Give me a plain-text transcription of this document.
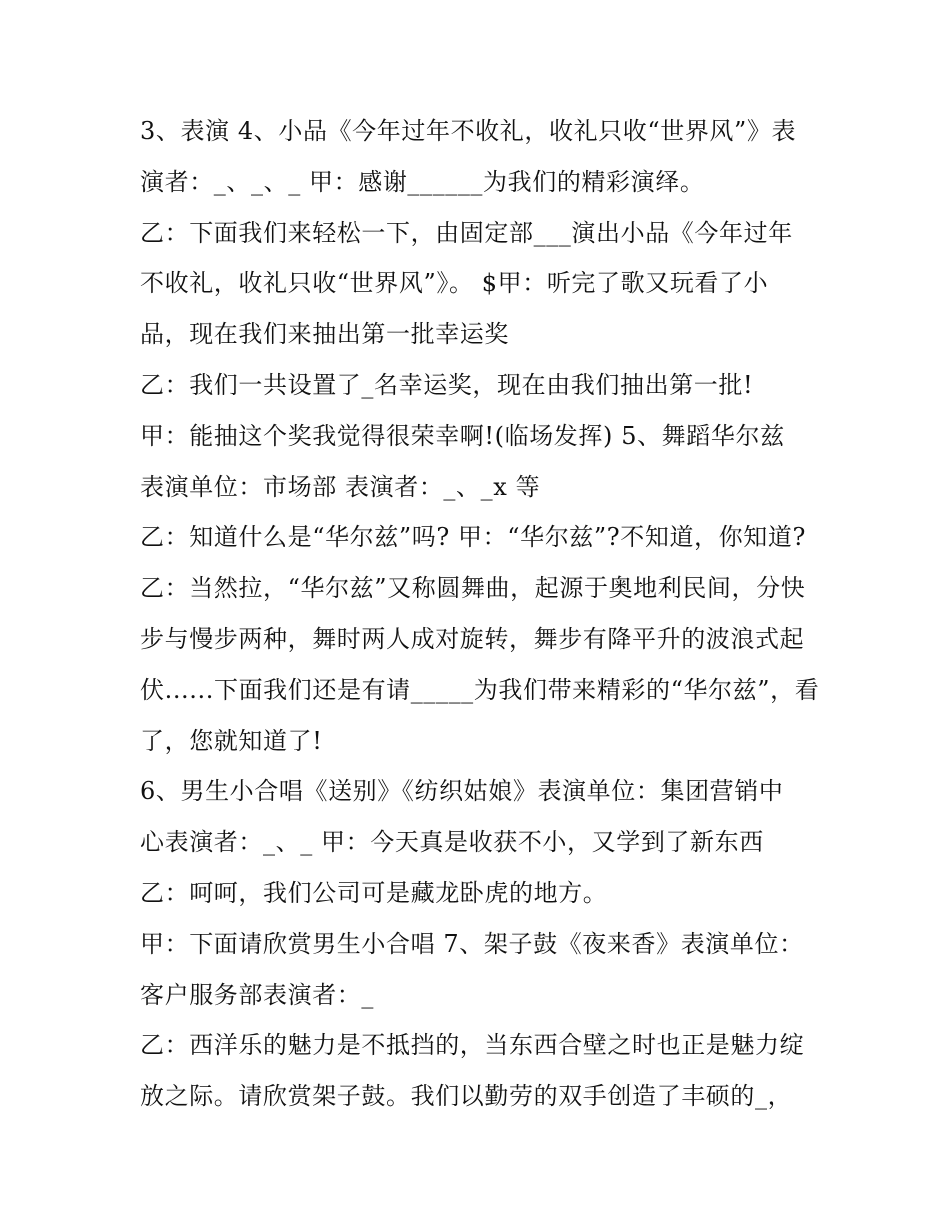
3、表演 4、小品《今年过年不收礼，收礼只收“世界风”》表
演者：_、_、_ 甲：感谢______为我们的精彩演绎。
乙：下面我们来轻松一下，由固定部___演出小品《今年过年
不收礼，收礼只收“世界风”》。 $甲：听完了歌又玩看了小
品，现在我们来抽出第一批幸运奖
乙：我们一共设置了_名幸运奖，现在由我们抽出第一批!
甲：能抽这个奖我觉得很荣幸啊!(临场发挥) 5、舞蹈华尔兹
表演单位：市场部 表演者：_、_x 等
乙：知道什么是“华尔兹”吗? 甲：“华尔兹”?不知道，你知道?
乙：当然拉，“华尔兹”又称圆舞曲，起源于奥地利民间，分快
步与慢步两种，舞时两人成对旋转，舞步有降平升的波浪式起
伏......下面我们还是有请_____为我们带来精彩的“华尔兹”，看
了，您就知道了!
6、男生小合唱《送别》《纺织姑娘》表演单位：集团营销中
心表演者：_、_ 甲：今天真是收获不小，又学到了新东西
乙：呵呵，我们公司可是藏龙卧虎的地方。
甲：下面请欣赏男生小合唱 7、架子鼓《夜来香》表演单位：
客户服务部表演者：_
乙：西洋乐的魅力是不抵挡的，当东西合壁之时也正是魅力绽
放之际。请欣赏架子鼓。我们以勤劳的双手创造了丰硕的_，
